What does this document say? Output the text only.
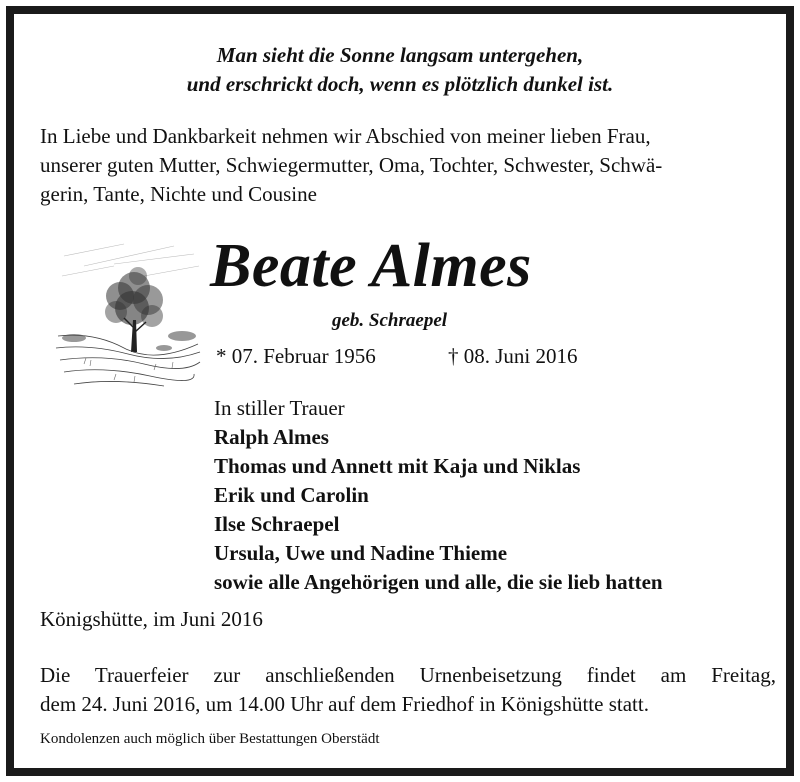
Man sieht die Sonne langsam untergehen,
und erschrickt doch, wenn es plötzlich dunkel ist.
In Liebe und Dankbarkeit nehmen wir Abschied von meiner lieben Frau,
unserer guten Mutter, Schwiegermutter, Oma, Tochter, Schwester, Schwä-
gerin, Tante, Nichte und Cousine
Beate Almes
geb. Schraepel
* 07. Februar 1956	† 08. Juni 2016
In stiller Trauer
Ralph Almes
Thomas und Annett mit Kaja und Niklas
Erik und Carolin
Ilse Schraepel
Ursula, Uwe und Nadine Thieme
sowie alle Angehörigen und alle, die sie lieb hatten
Königshütte, im Juni 2016
Die Trauerfeier zur anschließenden Urnenbeisetzung findet am Freitag,
dem 24. Juni 2016, um 14.00 Uhr auf dem Friedhof in Königshütte statt.
Kondolenzen auch möglich über Bestattungen Oberstädt
